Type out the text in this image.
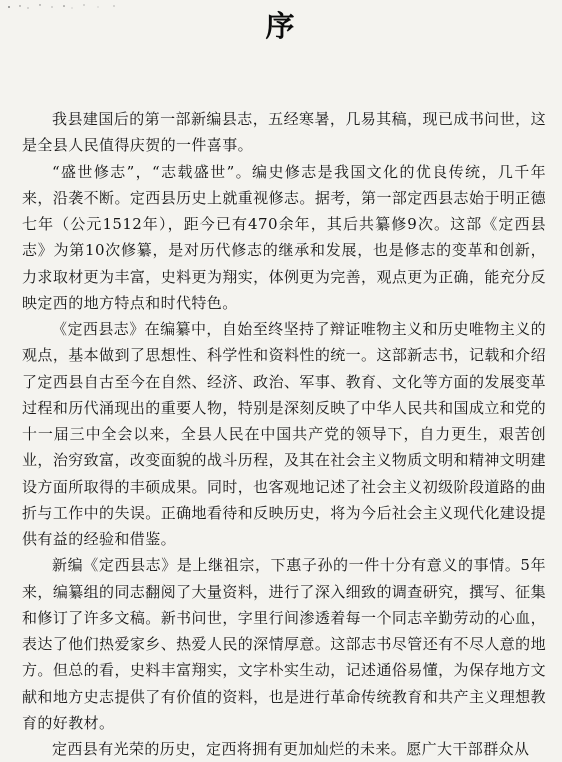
序

我县建国后的第一部新编县志，五经寒暑，几易其稿，现已成书问世，这是全县人民值得庆贺的一件喜事。

“盛世修志”，“志载盛世”。编史修志是我国文化的优良传统，几千年来，沿袭不断。定西县历史上就重视修志。据考，第一部定西县志始于明正德七年（公元1512年），距今已有470余年，其后共纂修9次。这部《定西县志》为第10次修纂，是对历代修志的继承和发展，也是修志的变革和创新，力求取材更为丰富，史料更为翔实，体例更为完善，观点更为正确，能充分反映定西的地方特点和时代特色。

《定西县志》在编纂中，自始至终坚持了辩证唯物主义和历史唯物主义的观点，基本做到了思想性、科学性和资料性的统一。这部新志书，记载和介绍了定西县自古至今在自然、经济、政治、军事、教育、文化等方面的发展变革过程和历代涌现出的重要人物，特别是深刻反映了中华人民共和国成立和党的十一届三中全会以来，全县人民在中国共产党的领导下，自力更生，艰苦创业，治穷致富，改变面貌的战斗历程，及其在社会主义物质文明和精神文明建设方面所取得的丰硕成果。同时，也客观地记述了社会主义初级阶段道路的曲折与工作中的失误。正确地看待和反映历史，将为今后社会主义现代化建设提供有益的经验和借鉴。

新编《定西县志》是上继祖宗，下惠子孙的一件十分有意义的事情。5年来，编纂组的同志翻阅了大量资料，进行了深入细致的调查研究，撰写、征集和修订了许多文稿。新书问世，字里行间渗透着每一个同志辛勤劳动的心血，表达了他们热爱家乡、热爱人民的深情厚意。这部志书尽管还有不尽人意的地方。但总的看，史料丰富翔实，文字朴实生动，记述通俗易懂，为保存地方文献和地方史志提供了有价值的资料，也是进行革命传统教育和共产主义理想教育的好教材。

定西县有光荣的历史，定西将拥有更加灿烂的未来。愿广大干部群众从
